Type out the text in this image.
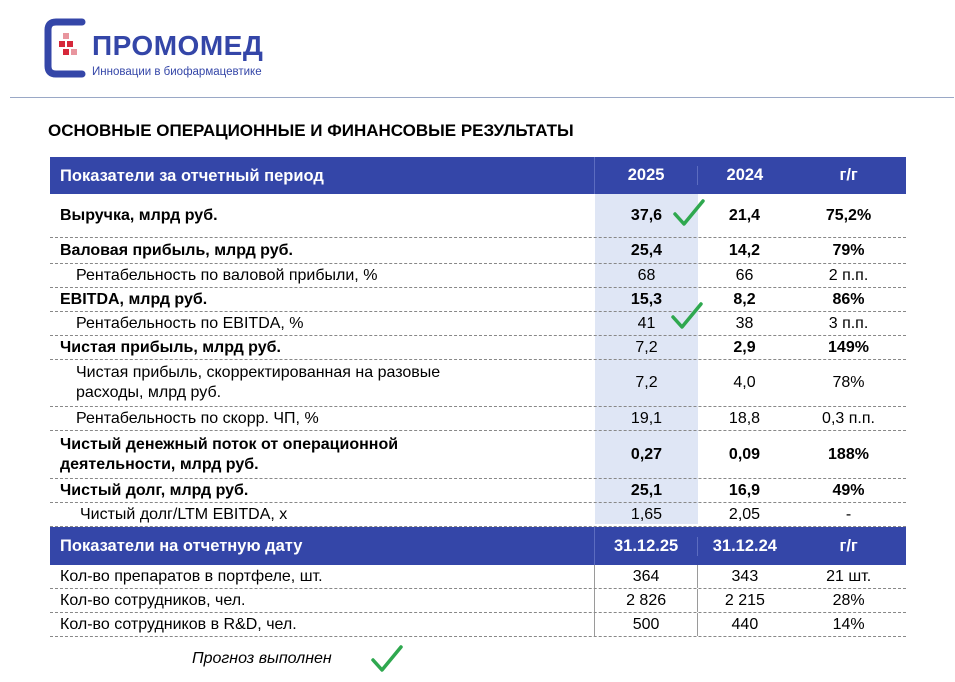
ПРОМОМЕД
Инновации в биофармацевтике
ОСНОВНЫЕ ОПЕРАЦИОННЫЕ И ФИНАНСОВЫЕ РЕЗУЛЬТАТЫ
Показатели за отчетный период	2025	2024	г/г
Выручка, млрд руб.	37,6	21,4	75,2%
Валовая прибыль, млрд руб.	25,4	14,2	79%
Рентабельность по валовой прибыли, %	68	66	2 п.п.
EBITDA, млрд руб.	15,3	8,2	86%
Рентабельность по EBITDA, %	41	38	3 п.п.
Чистая прибыль, млрд руб.	7,2	2,9	149%
Чистая прибыль, скорректированная на разовые
расходы, млрд руб.
7,2	4,0	78%
Рентабельность по скорр. ЧП, %	19,1	18,8	0,3 п.п.
Чистый денежный поток от операционной
деятельности, млрд руб.
0,27	0,09	188%
Чистый долг, млрд руб.	25,1	16,9	49%
Чистый долг/LTM EBITDA, x	1,65	2,05	-
Показатели на отчетную дату	31.12.25	31.12.24	г/г
Кол-во препаратов в портфеле, шт.	364	343	21 шт.
Кол-во сотрудников, чел.	2 826	2 215	28%
Кол-во сотрудников в R&D, чел.	500	440	14%
Прогноз выполнен
